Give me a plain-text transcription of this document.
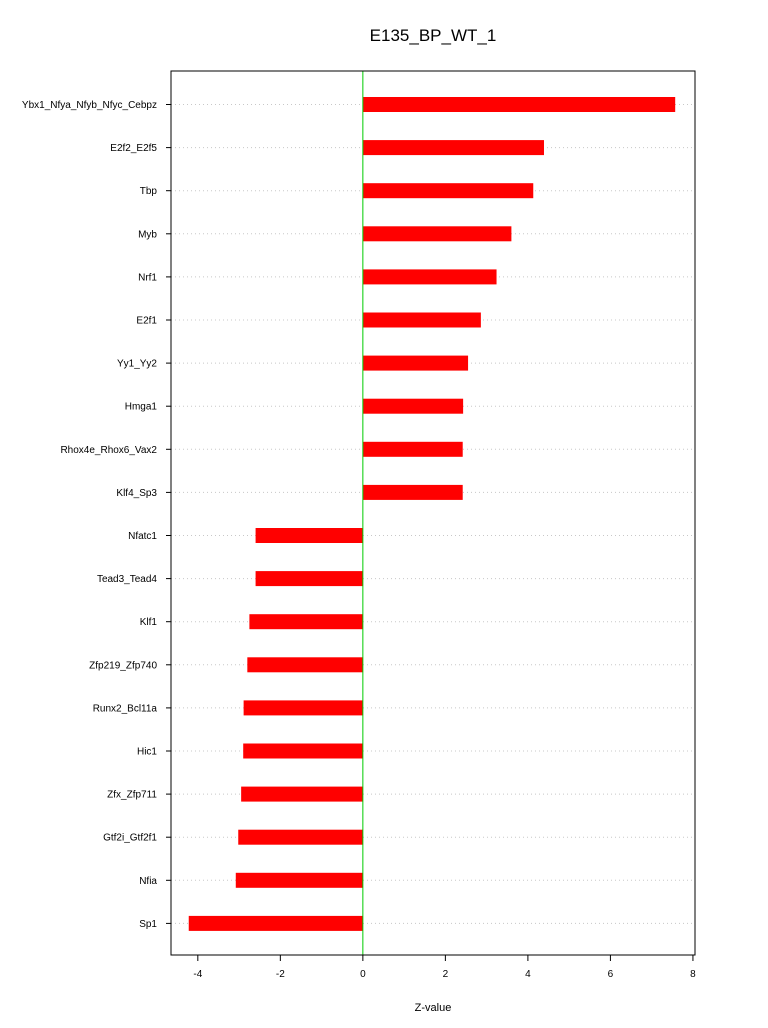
E135_BP_WT_1
Ybx1_Nfya_Nfyb_Nfyc_Cebpz
E2f2_E2f5
Tbp
Myb
Nrf1
E2f1
Yy1_Yy2
Hmga1
Rhox4e_Rhox6_Vax2
Klf4_Sp3
Nfatc1
Tead3_Tead4
Klf1
Zfp219_Zfp740
Runx2_Bcl11a
Hic1
Zfx_Zfp711
Gtf2i_Gtf2f1
Nfia
Sp1
-4	-2	0	2	4	6	8
Z-value
